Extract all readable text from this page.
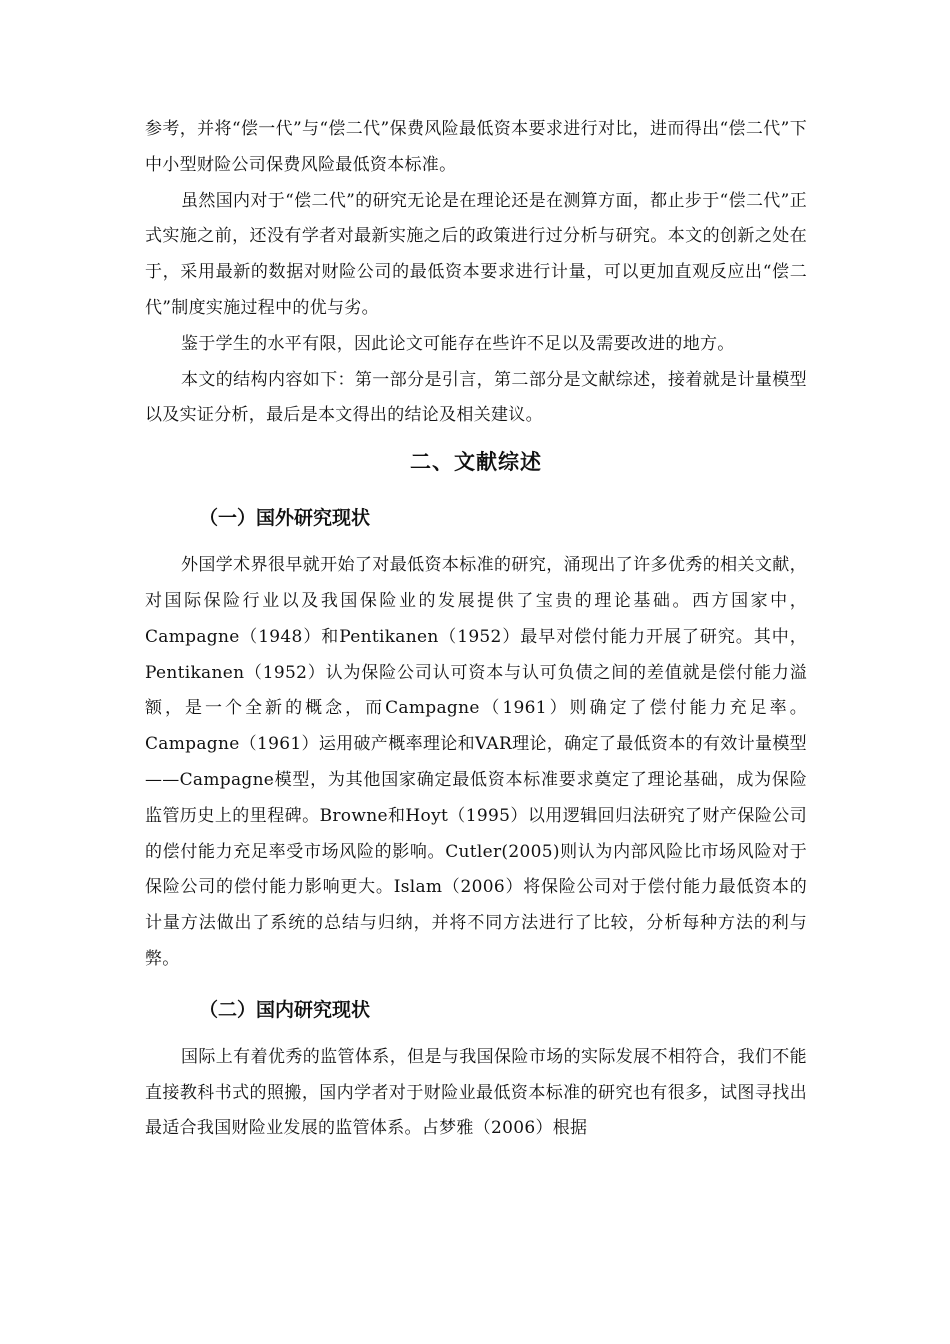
参考，并将“偿一代”与“偿二代”保费风险最低资本要求进行对比，进而得出“偿二代”下中小型财险公司保费风险最低资本标准。

虽然国内对于“偿二代”的研究无论是在理论还是在测算方面，都止步于“偿二代”正式实施之前，还没有学者对最新实施之后的政策进行过分析与研究。本文的创新之处在于，采用最新的数据对财险公司的最低资本要求进行计量，可以更加直观反应出“偿二代”制度实施过程中的优与劣。

鉴于学生的水平有限，因此论文可能存在些许不足以及需要改进的地方。

本文的结构内容如下：第一部分是引言，第二部分是文献综述，接着就是计量模型以及实证分析，最后是本文得出的结论及相关建议。

二、文献综述
（一）国外研究现状

外国学术界很早就开始了对最低资本标准的研究，涌现出了许多优秀的相关文献，对国际保险行业以及我国保险业的发展提供了宝贵的理论基础。西方国家中，Campagne（1948）和Pentikanen（1952）最早对偿付能力开展了研究。其中，Pentikanen（1952）认为保险公司认可资本与认可负债之间的差值就是偿付能力溢额，是一个全新的概念，而Campagne（1961）则确定了偿付能力充足率。Campagne（1961）运用破产概率理论和VAR理论，确定了最低资本的有效计量模型——Campagne模型，为其他国家确定最低资本标准要求奠定了理论基础，成为保险监管历史上的里程碑。Browne和Hoyt（1995）以用逻辑回归法研究了财产保险公司的偿付能力充足率受市场风险的影响。Cutler(2005)则认为内部风险比市场风险对于保险公司的偿付能力影响更大。Islam（2006）将保险公司对于偿付能力最低资本的计量方法做出了系统的总结与归纳，并将不同方法进行了比较，分析每种方法的利与弊。

（二）国内研究现状

国际上有着优秀的监管体系，但是与我国保险市场的实际发展不相符合，我们不能直接教科书式的照搬，国内学者对于财险业最低资本标准的研究也有很多，试图寻找出最适合我国财险业发展的监管体系。占梦雅（2006）根据
